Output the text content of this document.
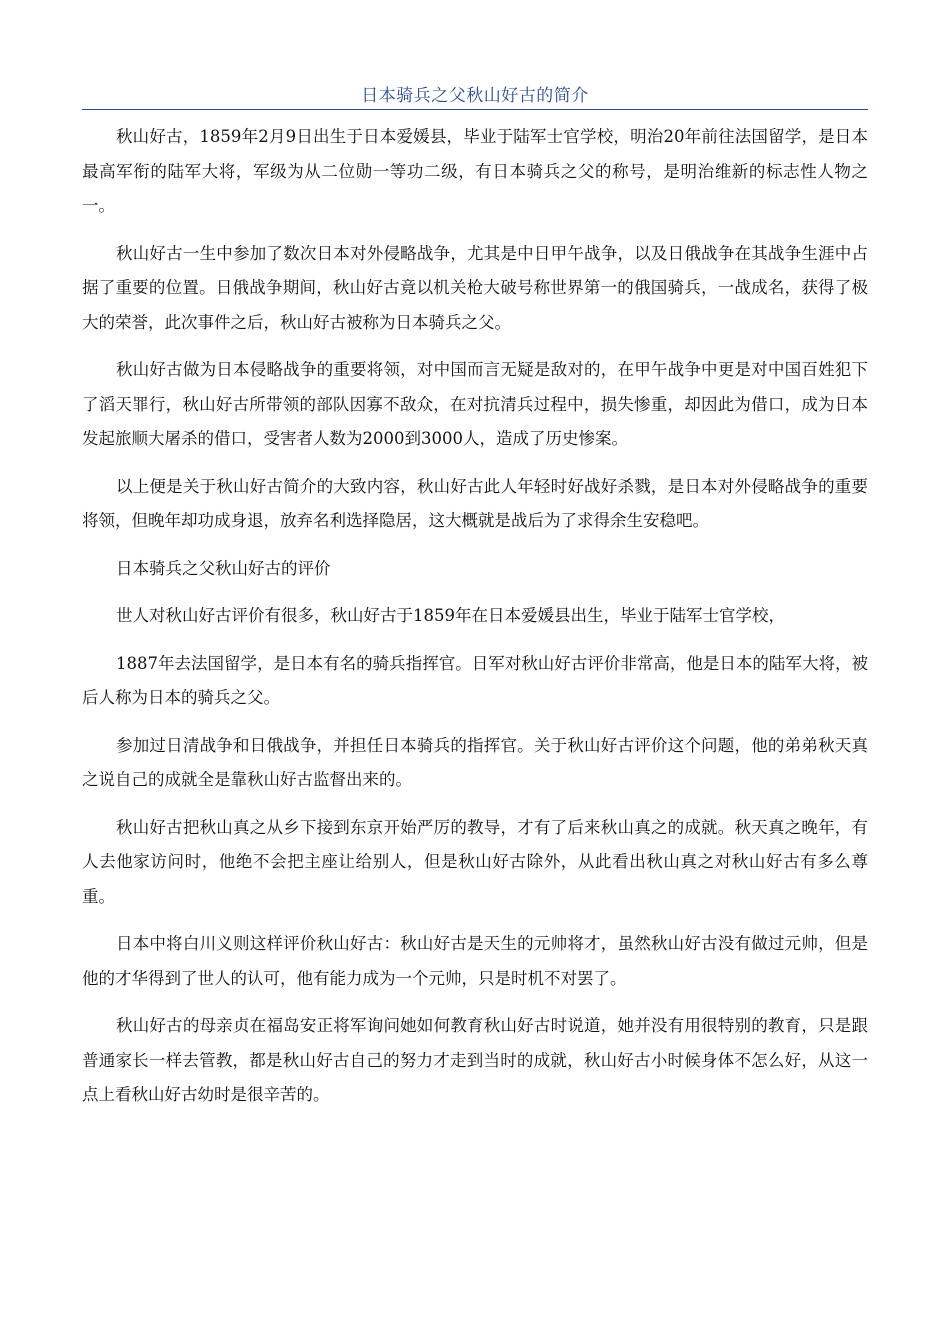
日本骑兵之父秋山好古的简介

秋山好古，1859年2月9日出生于日本爱媛县，毕业于陆军士官学校，明治20年前往法国留学，是日本最高军衔的陆军大将，军级为从二位勋一等功二级，有日本骑兵之父的称号，是明治维新的标志性人物之一。

秋山好古一生中参加了数次日本对外侵略战争，尤其是中日甲午战争，以及日俄战争在其战争生涯中占据了重要的位置。日俄战争期间，秋山好古竟以机关枪大破号称世界第一的俄国骑兵，一战成名，获得了极大的荣誉，此次事件之后，秋山好古被称为日本骑兵之父。

秋山好古做为日本侵略战争的重要将领，对中国而言无疑是敌对的，在甲午战争中更是对中国百姓犯下了滔天罪行，秋山好古所带领的部队因寡不敌众，在对抗清兵过程中，损失惨重，却因此为借口，成为日本发起旅顺大屠杀的借口，受害者人数为2000到3000人，造成了历史惨案。

以上便是关于秋山好古简介的大致内容，秋山好古此人年轻时好战好杀戮，是日本对外侵略战争的重要将领，但晚年却功成身退，放弃名利选择隐居，这大概就是战后为了求得余生安稳吧。

日本骑兵之父秋山好古的评价

世人对秋山好古评价有很多，秋山好古于1859年在日本爱媛县出生，毕业于陆军士官学校，

1887年去法国留学，是日本有名的骑兵指挥官。日军对秋山好古评价非常高，他是日本的陆军大将，被后人称为日本的骑兵之父。

参加过日清战争和日俄战争，并担任日本骑兵的指挥官。关于秋山好古评价这个问题，他的弟弟秋天真之说自己的成就全是靠秋山好古监督出来的。

秋山好古把秋山真之从乡下接到东京开始严厉的教导，才有了后来秋山真之的成就。秋天真之晚年，有人去他家访问时，他绝不会把主座让给别人，但是秋山好古除外，从此看出秋山真之对秋山好古有多么尊重。

日本中将白川义则这样评价秋山好古：秋山好古是天生的元帅将才，虽然秋山好古没有做过元帅，但是他的才华得到了世人的认可，他有能力成为一个元帅，只是时机不对罢了。

秋山好古的母亲贞在福岛安正将军询问她如何教育秋山好古时说道，她并没有用很特别的教育，只是跟普通家长一样去管教，都是秋山好古自己的努力才走到当时的成就，秋山好古小时候身体不怎么好，从这一点上看秋山好古幼时是很辛苦的。
